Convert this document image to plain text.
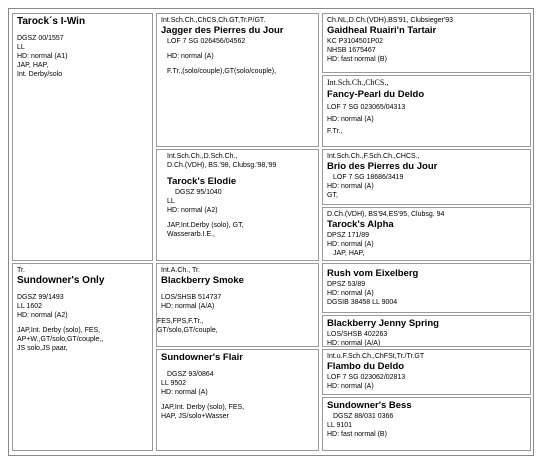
Tarock´s I-Win
DGSZ 00/1557
LL
HD: normal (A1)
JAP, HAP,
Int. Derby/solo
Tr.
Sundowner's Only
DGSZ 99/1493
LL 1602
HD: normal (A2)
JAP,Int. Derby (solo), FES,
AP+W.,GT/solo,GT/couple,,
JS solo,JS paar,
Int.Sch.Ch.,ChCS,Ch.GT,Tr.P/GT.
Jagger des Pierres du Jour
LOF 7 SG 026456/04562
HD: normal (A)
F.Tr.,(solo/couple),GT(solo/couple),
Int.Sch.Ch.,D.Sch.Ch.,
D.Ch.(VDH), BS.'98, Clubsg.'98,'99
Tarock's Elodie
DGSZ 95/1040
LL
HD: normal (A2)
JAP,Int.Derby (solo), GT,
Wasserarb.I.E.,
Int.A.Ch., Tr.
Blackberry Smoke
LOS/SHSB 514737
HD: normal (A/A)
FES,FPS,F.Tr.,
GT/solo,GT/couple,
Sundowner's Flair
DGSZ 93/0864
LL 9502
HD: normal (A)
JAP,Int. Derby (solo), FES,
HAP, JS/solo+Wasser
Ch.NL,D.Ch.(VDH),BS'91, Clubsieger'93
Gaidheal Ruairi'n Tartair
KC P3104501P02
NHSB 1675467
HD: fast normal (B)
Int.Sch.Ch.,ChCS.,
Fancy-Pearl du Deldo
LOF 7 SG 023065/04313
HD: normal (A)
F.Tr.,
Int.Sch.Ch.,F.Sch.Ch.,CHCS.,
Brio des Pierres du Jour
LOF 7 SG 18686/3419
HD: normal (A)
GT,
D.Ch.(VDH), BS'94,ES'95, Clubsg. 94
Tarock's Alpha
DPSZ 171/89
HD: normal (A)
JAP, HAP,
Rush vom Eixelberg
DPSZ 53/89
HD: normal (A)
DGSIB 38458 LL 9004
Blackberry Jenny Spring
LOS/SHSB 402263
HD: normal (A/A)
Int.u.F.Sch.Ch.,ChFSt,Tr./Tr.GT
Flambo du Deldo
LOF 7 SG 023062/02813
HD: normal (A)
Sundowner's Bess
DGSZ 88/031 0366
LL 9101
HD: fast normal (B)
